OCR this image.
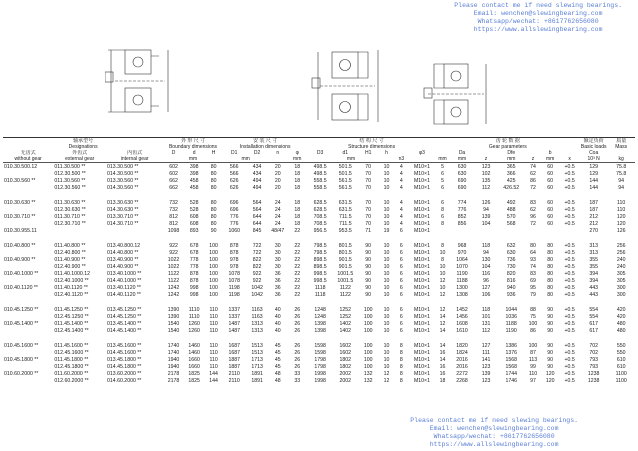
Please contact me if need slewing bearings.
Email: wenchen@slewingbearing.com
Whatsapp/wechat: +8617762656080
https://www.allslewingbearing.com
轴承型号			外 形 尺 寸			安 装 尺 寸				结 构 尺 寸						齿 轮 数 据							额定负荷	质量
Designations			Boundary dimensions			Installation dimensions				Structure dimensions						Gear parameters							Basic loads	Mass
无齿式	外齿式	内齿式	D	d	H	D1	D2	n	φ	D3	d1	H1	h		φ3		Da		Dfe		b		Coa	
without gear	external gear	internal gear	mm			mm			mm	mm				n3		mm	mm	z	mm	z	mm	x	10³ N	kg
010.30.500.12	011.30.500 **	013.30.500 **	602	398	80	566	434	20	18	498.5	501.5	70	10	4	M10×1	5	630	123	365	74	60	+0.5	129	75.8
	012.30.500 **	014.30.500 **	602	398	80	566	434	20	18	498.5	501.5	70	10	4	M10×1	6	630	102	366	62	60	+0.5	129	75.8
010.30.560 **	011.30.560 **	013.30.560 **	662	458	80	626	494	20	18	558.5	561.5	70	10	4	M10×1	5	690	135	425	86	60	+0.5	144	94
	012.30.560 **	014.30.560 **	662	458	80	626	494	20	18	558.5	561.5	70	10	4	M10×1	6	690	112	426.52	72	60	+0.5	144	94

010.30.630 **	011.30.630 **	013.30.630 **	732	528	80	696	564	24	18	628.5	631.5	70	10	4	M10×1	6	774	126	492	83	60	+0.5	187	110
	012.30.630 **	014.30.630 **	732	528	80	696	564	24	18	628.5	631.5	70	10	4	M10×1	8	776	94	488	62	60	+0.5	187	110
010.30.710 **	011.30.710 **	013.30.710 **	812	608	80	776	644	24	18	708.5	711.5	70	10	4	M10×1	6	852	139	570	96	60	+0.5	212	120
	012.30.710 **	014.30.710 **	812	608	80	776	644	24	18	708.5	711.5	70	10	4	M10×1	8	856	104	568	72	60	+0.5	212	120
010.30.955.11			1098	893	90	1060	845	48/47	22	956.5	953.5	71	19	6	M10×1								270	126

010.40.800 **	011.40.800 **	013.40.800.12	922	678	100	878	722	30	22	798.5	801.5	90	10	6	M10×1	8	968	118	632	80	80	+0.5	313	256
	012.40.800 **	014.40.800 **	922	678	100	878	722	30	22	798.5	801.5	90	10	6	M10×1	10	970	94	630	64	80	+0.5	313	256
010.40.900 **	011.40.900 **	013.40.900 **	1022	778	100	978	822	30	22	898.5	901.5	90	10	6	M10×1	8	1064	130	736	93	80	+0.5	355	240
	012.40.900 **	014.40.900 **	1022	778	100	978	822	30	22	898.5	901.5	90	10	6	M10×1	10	1070	104	730	74	80	+0.5	355	240
010.40.1000 **	011.40.1000.12	013.40.1000 **	1122	878	100	1078	922	36	22	998.5	1001.5	90	10	6	M10×1	10	1190	116	820	83	80	+0.5	394	305
	012.40.1000 **	014.40.1000 **	1122	878	100	1078	922	36	22	998.5	1001.5	90	10	6	M10×1	12	1188	96	816	69	80	+0.5	394	305
010.40.1120 **	011.40.1120 **	013.40.1120 **	1242	998	100	1198	1042	36	22	1118	1122	90	10	6	M10×1	10	1300	127	940	95	80	+0.5	443	300
	012.40.1120 **	014.40.1120 **	1242	998	100	1198	1042	36	22	1118	1122	90	10	6	M10×1	12	1308	106	936	79	80	+0.5	443	300

010.45.1250 **	011.45.1250 **	013.45.1250 **	1390	1110	110	1337	1163	40	26	1248	1252	100	10	6	M10×1	12	1452	118	1044	88	90	+0.5	554	420
	012.45.1250 **	014.45.1250 **	1390	1110	110	1337	1163	40	26	1248	1252	100	10	6	M10×1	14	1456	101	1036	75	90	+0.5	554	420
010.45.1400 **	011.45.1400 **	013.45.1400 **	1540	1260	110	1487	1313	40	26	1398	1402	100	10	6	M10×1	12	1608	131	1188	100	90	+0.5	617	480
	012.45.1400 **	014.45.1400 **	1540	1260	110	1487	1313	40	26	1398	1402	100	10	6	M10×1	14	1610	112	1190	86	90	+0.5	617	480

010.45.1600 **	011.45.1600 **	013.45.1600 **	1740	1460	110	1687	1513	45	26	1598	1602	100	10	8	M10×1	14	1820	127	1386	100	90	+0.5	702	550
	012.45.1600 **	014.45.1600 **	1740	1460	110	1687	1513	45	26	1598	1602	100	10	8	M10×1	16	1824	111	1376	87	90	+0.5	702	550
010.45.1800 **	011.45.1800 **	013.45.1800 **	1940	1660	110	1887	1713	45	26	1798	1802	100	10	8	M10×1	14	2016	141	1568	113	90	+0.5	793	610
	012.45.1800 **	014.45.1800 **	1940	1660	110	1887	1713	45	26	1798	1802	100	10	8	M10×1	16	2016	123	1568	99	90	+0.5	793	610
010.60.2000 **	011.60.2000 **	013.60.2000 **	2178	1825	144	2110	1891	48	33	1998	2002	132	12	8	M10×1	16	2272	139	1744	110	120	+0.5	1238	1100
	012.60.2000 **	014.60.2000 **	2178	1825	144	2110	1891	48	33	1998	2002	132	12	8	M10×1	18	2268	123	1746	97	120	+0.5	1238	1100
Please contact me if need slewing bearings.
Email: wenchen@slewingbearing.com
Whatsapp/wechat: +8617762656080
https://www.allslewingbearing.com
